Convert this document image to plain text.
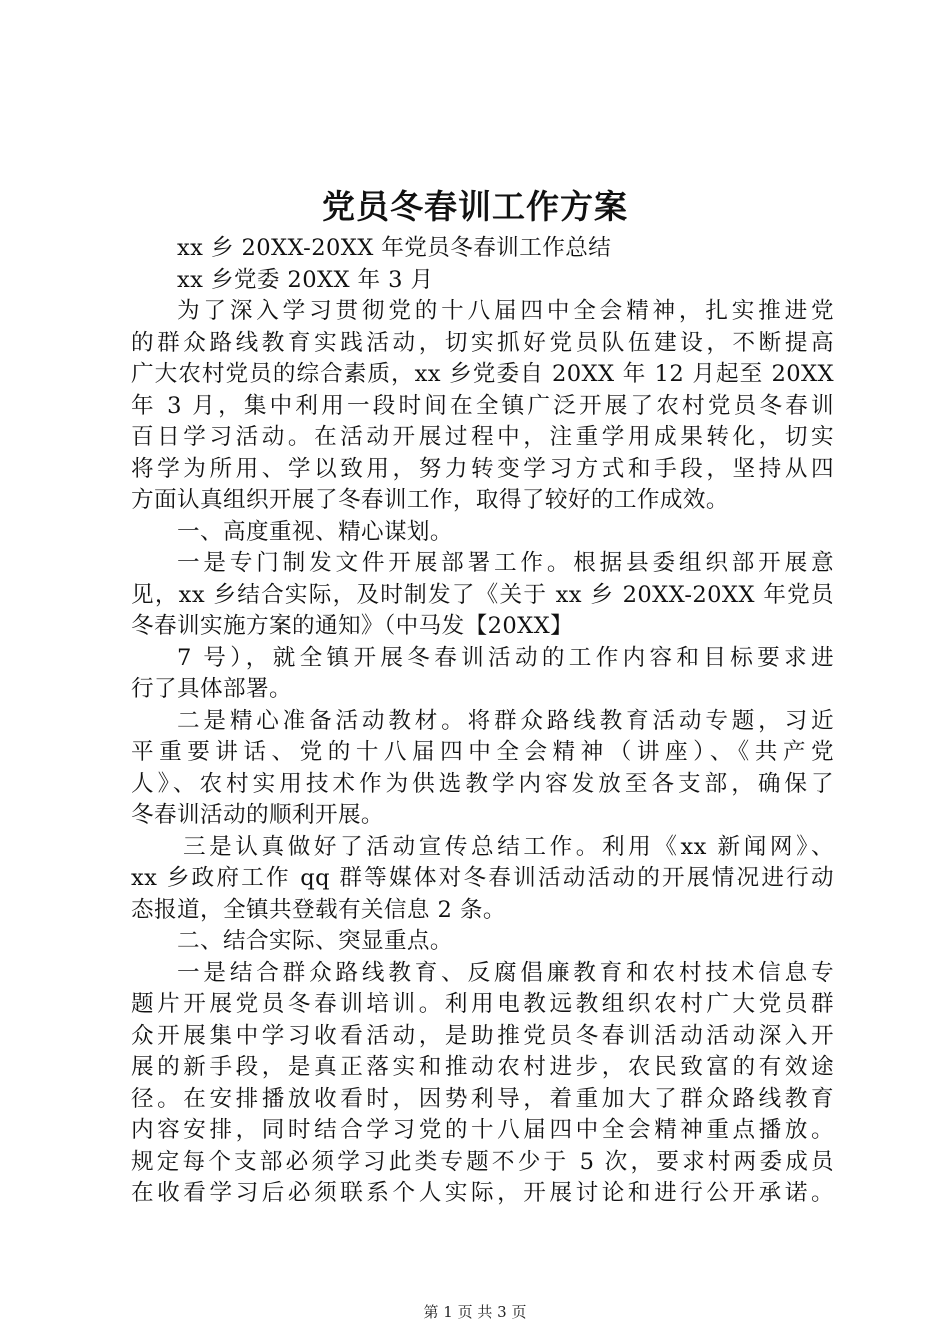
党员冬春训工作方案
xx 乡 20XX-20XX 年党员冬春训工作总结
xx 乡党委 20XX 年 3 月
为了深入学习贯彻党的十八届四中全会精神，扎实推进党
的群众路线教育实践活动，切实抓好党员队伍建设，不断提高
广大农村党员的综合素质，xx 乡党委自 20XX 年 12 月起至 20XX
年 3 月，集中利用一段时间在全镇广泛开展了农村党员冬春训
百日学习活动。在活动开展过程中，注重学用成果转化，切实
将学为所用、学以致用，努力转变学习方式和手段，坚持从四
方面认真组织开展了冬春训工作，取得了较好的工作成效。
一、高度重视、精心谋划。
一是专门制发文件开展部署工作。根据县委组织部开展意
见，xx 乡结合实际，及时制发了《关于 xx 乡 20XX-20XX 年党员
冬春训实施方案的通知》（中马发【20XX】
7 号），就全镇开展冬春训活动的工作内容和目标要求进
行了具体部署。
二是精心准备活动教材。将群众路线教育活动专题，习近
平重要讲话、党的十八届四中全会精神（讲座）、《共产党
人》、农村实用技术作为供选教学内容发放至各支部，确保了
冬春训活动的顺利开展。
三是认真做好了活动宣传总结工作。利用《xx 新闻网》、
xx 乡政府工作 qq 群等媒体对冬春训活动活动的开展情况进行动
态报道，全镇共登载有关信息 2 条。
二、结合实际、突显重点。
一是结合群众路线教育、反腐倡廉教育和农村技术信息专
题片开展党员冬春训培训。利用电教远教组织农村广大党员群
众开展集中学习收看活动，是助推党员冬春训活动活动深入开
展的新手段，是真正落实和推动农村进步，农民致富的有效途
径。在安排播放收看时，因势利导，着重加大了群众路线教育
内容安排，同时结合学习党的十八届四中全会精神重点播放。
规定每个支部必须学习此类专题不少于 5 次，要求村两委成员
在收看学习后必须联系个人实际，开展讨论和进行公开承诺。
第 1 页 共 3 页
